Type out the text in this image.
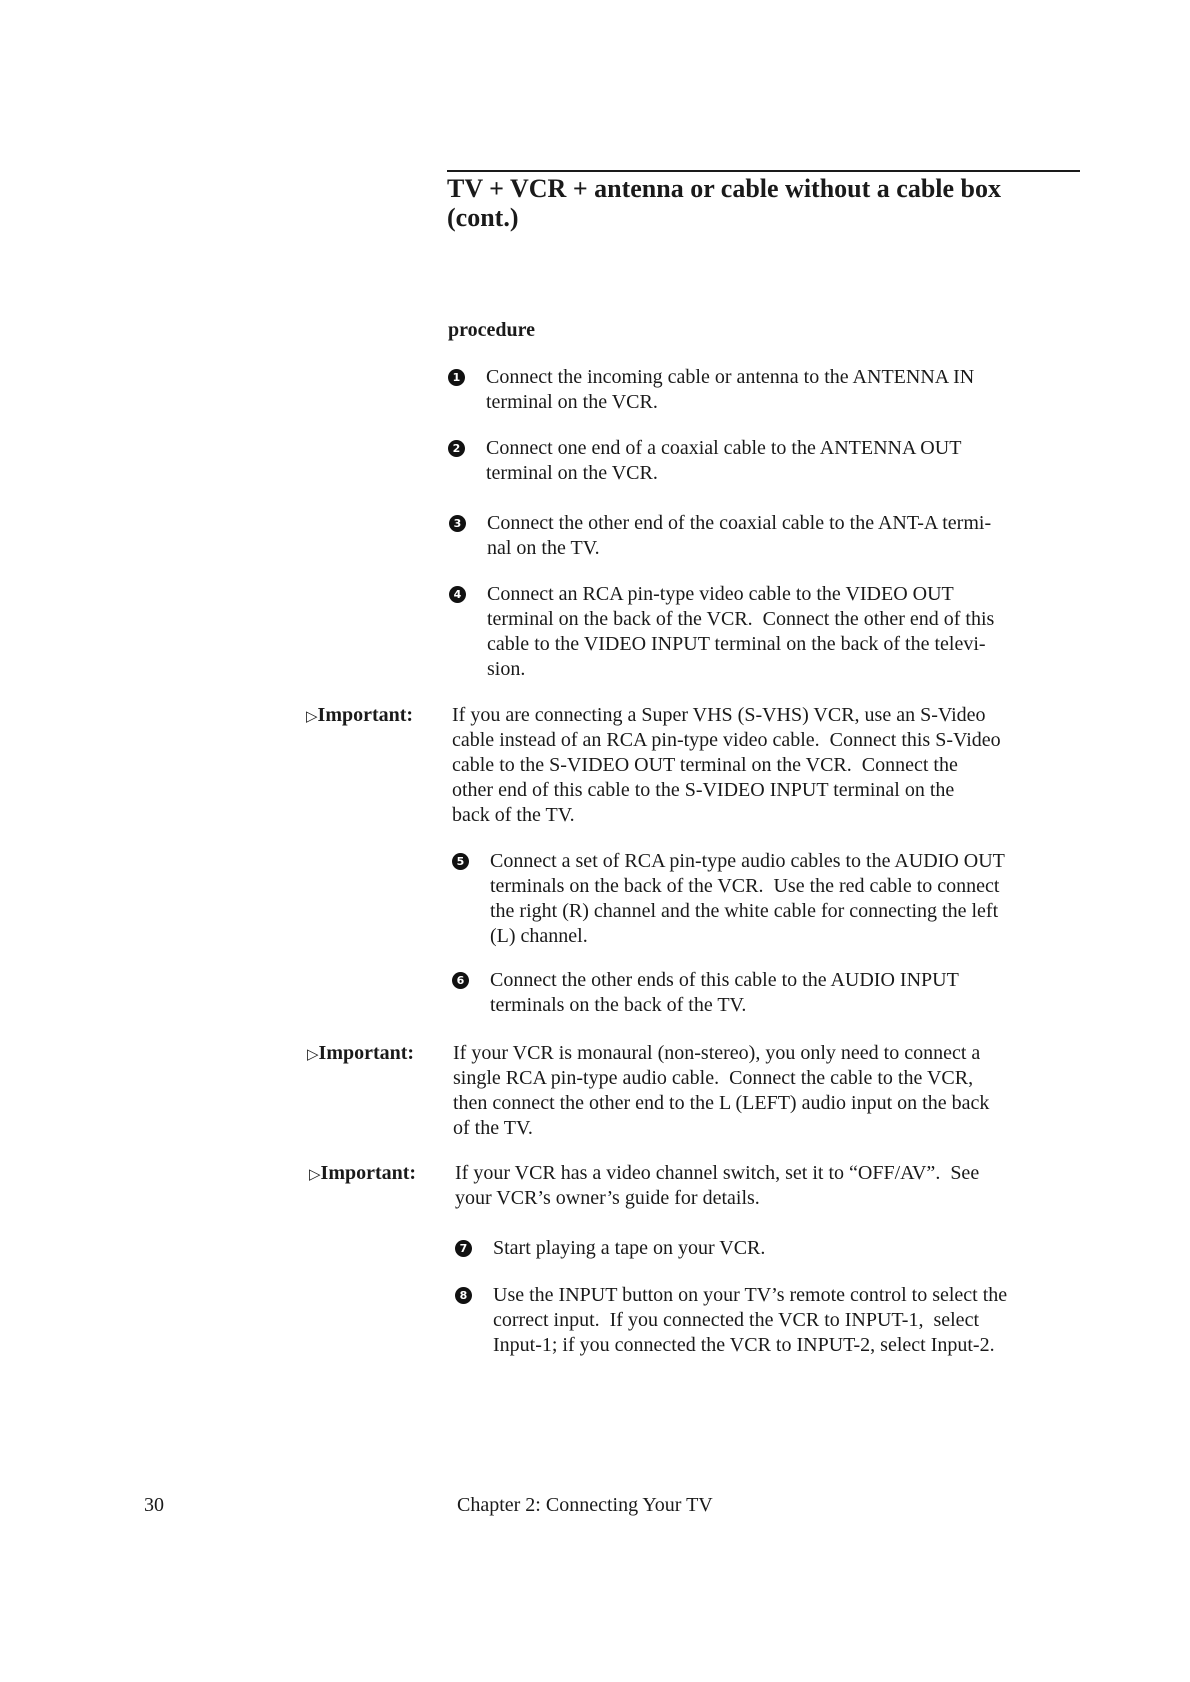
TV + VCR + antenna or cable without a cable box
(cont.)
procedure
1 Connect the incoming cable or antenna to the ANTENNA IN
terminal on the VCR.
2 Connect one end of a coaxial cable to the ANTENNA OUT
terminal on the VCR.
3 Connect the other end of the coaxial cable to the ANT-A termi-
nal on the TV.
4 Connect an RCA pin-type video cable to the VIDEO OUT
terminal on the back of the VCR.  Connect the other end of this
cable to the VIDEO INPUT terminal on the back of the televi-
sion.
▷ Important:	If you are connecting a Super VHS (S-VHS) VCR, use an S-Video
cable instead of an RCA pin-type video cable.  Connect this S-Video
cable to the S-VIDEO OUT terminal on the VCR.  Connect the
other end of this cable to the S-VIDEO INPUT terminal on the
back of the TV.
5 Connect a set of RCA pin-type audio cables to the AUDIO OUT
terminals on the back of the VCR.  Use the red cable to connect
the right (R) channel and the white cable for connecting the left
(L) channel.
6 Connect the other ends of this cable to the AUDIO INPUT
terminals on the back of the TV.
▷ Important:	If your VCR is monaural (non-stereo), you only need to connect a
single RCA pin-type audio cable.  Connect the cable to the VCR,
then connect the other end to the L (LEFT) audio input on the back
of the TV.
▷ Important:	If your VCR has a video channel switch, set it to “OFF/AV”.  See
your VCR’s owner’s guide for details.
7 Start playing a tape on your VCR.
8 Use the INPUT button on your TV’s remote control to select the
correct input.  If you connected the VCR to INPUT-1,  select
Input-1; if you connected the VCR to INPUT-2, select Input-2.
30	Chapter 2: Connecting Your TV
